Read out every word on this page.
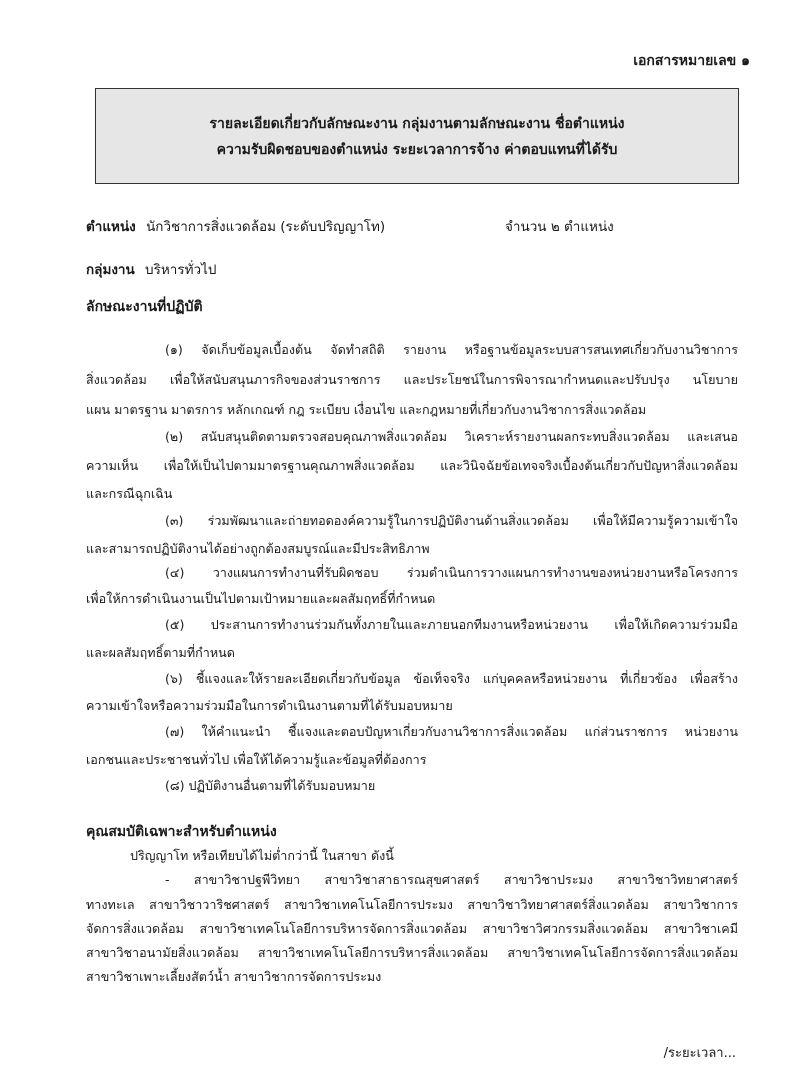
เอกสารหมายเลข ๑
รายละเอียดเกี่ยวกับลักษณะงาน กลุ่มงานตามลักษณะงาน ชื่อตำแหน่ง
ความรับผิดชอบของตำแหน่ง ระยะเวลาการจ้าง ค่าตอบแทนที่ได้รับ
ตำแหน่ง นักวิชาการสิ่งแวดล้อม (ระดับปริญญาโท)	จำนวน ๒ ตำแหน่ง
กลุ่มงาน บริหารทั่วไป
ลักษณะงานที่ปฏิบัติ
(๑) จัดเก็บข้อมูลเบื้องต้น จัดทำสถิติ รายงาน หรือฐานข้อมูลระบบสารสนเทศเกี่ยวกับงานวิชาการ
สิ่งแวดล้อม เพื่อให้สนับสนุนภารกิจของส่วนราชการ และประโยชน์ในการพิจารณากำหนดและปรับปรุง นโยบาย
แผน มาตรฐาน มาตรการ หลักเกณฑ์ กฎ ระเบียบ เงื่อนไข และกฎหมายที่เกี่ยวกับงานวิชาการสิ่งแวดล้อม
(๒) สนับสนุนติดตามตรวจสอบคุณภาพสิ่งแวดล้อม วิเคราะห์รายงานผลกระทบสิ่งแวดล้อม และเสนอ
ความเห็น เพื่อให้เป็นไปตามมาตรฐานคุณภาพสิ่งแวดล้อม และวินิจฉัยข้อเทจจริงเบื้องต้นเกี่ยวกับปัญหาสิ่งแวดล้อม
และกรณีฉุกเฉิน
(๓) ร่วมพัฒนาและถ่ายทอดองค์ความรู้ในการปฏิบัติงานด้านสิ่งแวดล้อม เพื่อให้มีความรู้ความเข้าใจ
และสามารถปฏิบัติงานได้อย่างถูกต้องสมบูรณ์และมีประสิทธิภาพ
(๔) วางแผนการทำงานที่รับผิดชอบ ร่วมดำเนินการวางแผนการทำงานของหน่วยงานหรือโครงการ
เพื่อให้การดำเนินงานเป็นไปตามเป้าหมายและผลสัมฤทธิ์ที่กำหนด
(๕) ประสานการทำงานร่วมกันทั้งภายในและภายนอกทีมงานหรือหน่วยงาน เพื่อให้เกิดความร่วมมือ
และผลสัมฤทธิ์ตามที่กำหนด
(๖) ชี้แจงและให้รายละเอียดเกี่ยวกับข้อมูล ข้อเท็จจริง แก่บุคคลหรือหน่วยงาน ที่เกี่ยวข้อง เพื่อสร้าง
ความเข้าใจหรือความร่วมมือในการดำเนินงานตามที่ได้รับมอบหมาย
(๗) ให้คำแนะนำ ชี้แจงและตอบปัญหาเกี่ยวกับงานวิชาการสิ่งแวดล้อม แก่ส่วนราชการ หน่วยงาน
เอกชนและประชาชนทั่วไป เพื่อให้ได้ความรู้และข้อมูลที่ต้องการ
(๘) ปฏิบัติงานอื่นตามที่ได้รับมอบหมาย
คุณสมบัติเฉพาะสำหรับตำแหน่ง
ปริญญาโท หรือเทียบได้ไม่ต่ำกว่านี้ ในสาขา ดังนี้
- สาขาวิชาปฐพีวิทยา สาขาวิชาสาธารณสุขศาสตร์ สาขาวิชาประมง สาขาวิชาวิทยาศาสตร์
ทางทะเล สาขาวิชาวาริชศาสตร์ สาขาวิชาเทคโนโลยีการประมง สาขาวิชาวิทยาศาสตร์สิ่งแวดล้อม สาขาวิชาการ
จัดการสิ่งแวดล้อม สาขาวิชาเทคโนโลยีการบริหารจัดการสิ่งแวดล้อม สาขาวิชาวิศวกรรมสิ่งแวดล้อม สาขาวิชาเคมี
สาขาวิชาอนามัยสิ่งแวดล้อม สาขาวิชาเทคโนโลยีการบริหารสิ่งแวดล้อม สาขาวิชาเทคโนโลยีการจัดการสิ่งแวดล้อม
สาขาวิชาเพาะเลี้ยงสัตว์น้ำ สาขาวิชาการจัดการประมง
/ระยะเวลา...
